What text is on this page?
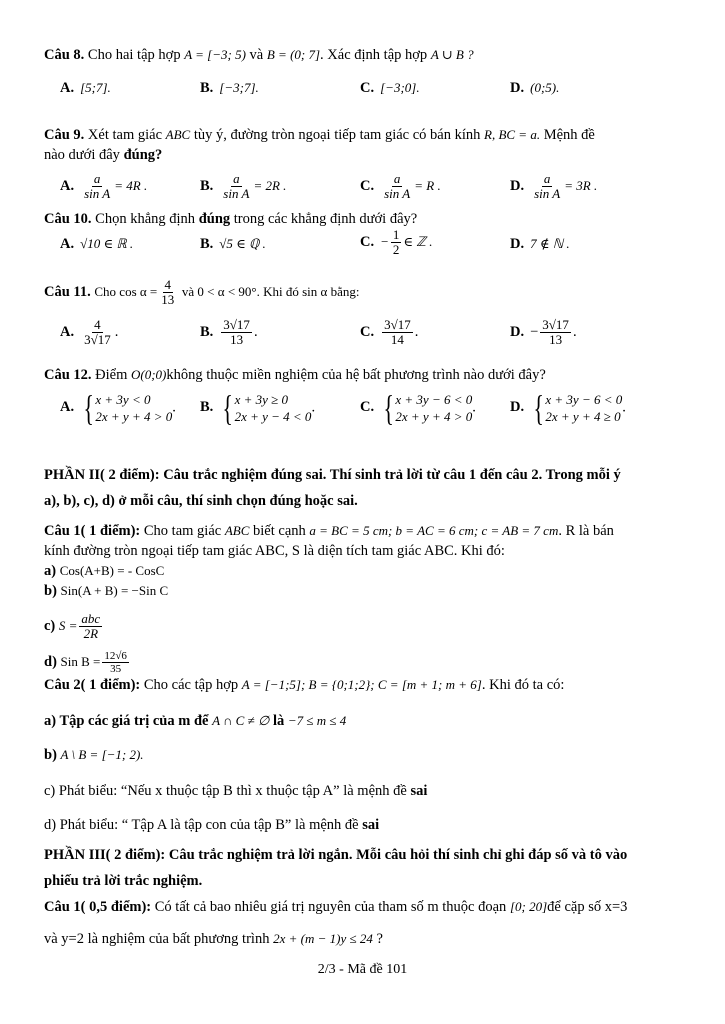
Câu 8. Cho hai tập hợp A = [−3; 5) và B = (0; 7]. Xác định tập hợp A ∪ B ?
A. [5;7].	B. [−3;7].	C. [−3;0].	D. (0;5).
Câu 9. Xét tam giác ABC tùy ý, đường tròn ngoại tiếp tam giác có bán kính R, BC = a. Mệnh đề
nào dưới đây đúng?
A. $\frac{a}{\text{sin A}} = 4R$ .	B. $\frac{a}{\text{sin A}} = 2R$ .	C. $\frac{a}{\text{sin A}} = R$ .	D. $\frac{a}{\text{sin A}} = 3R$ .
Câu 10. Chọn khẳng định đúng trong các khẳng định dưới đây?
A. √10 ∈ ℝ .	B. √5 ∈ ℚ .	C. − $\frac{1}{2}$ ∈ ℤ .	D. 7 ∉ ℕ .
Câu 11. Cho $\cos \alpha = \frac{4}{13}$ và 0 < α < 90°. Khi đó sin α bằng:
A. $\frac{4}{3√17}$ .	B. $\frac{3√17}{13}$ .	C. $\frac{3√17}{14}$ .	D. − $\frac{3√17}{13}$ .
Câu 12. Điểm O(0;0)không thuộc miền nghiệm của hệ bất phương trình nào dưới đây?
A. { x + 3y < 0
2x + y + 4 > 0
. B. { x + 3y ≥ 0
2x + y − 4 < 0
.	C. { x + 3y − 6 < 0
2x + y + 4 > 0
. D. { x + 3y − 6 < 0
2x + y + 4 ≥ 0
.
PHẦN II( 2 điểm): Câu trắc nghiệm đúng sai. Thí sinh trả lời từ câu 1 đến câu 2. Trong mỗi ý
a), b), c), d) ở mỗi câu, thí sinh chọn đúng hoặc sai.
Câu 1( 1 điểm): Cho tam giác ABC biết cạnh a = BC = 5 cm; b = AC = 6 cm; c = AB = 7 cm. R là bán
kính đường tròn ngoại tiếp tam giác ABC, S là diện tích tam giác ABC. Khi đó:
a) Cos(A+B) = - CosC
b) Sin(A + B) = −Sin C
c) $S = \frac{\text{abc}}{2R}$
d) Sin $B = \frac{12√6}{35}$
Câu 2( 1 điểm): Cho các tập hợp A = [−1;5]; B = {0;1;2}; C = [m + 1; m + 6]. Khi đó ta có:
a) Tập các giá trị của m để A ∩ C ≠ ∅ là −7 ≤ m ≤ 4
b) A \ B = [−1; 2).
c) Phát biểu: “Nếu x thuộc tập B thì x thuộc tập A” là mệnh đề sai
d) Phát biểu: “ Tập A là tập con của tập B” là mệnh đề sai
PHẦN III( 2 điểm): Câu trắc nghiệm trả lời ngắn. Mỗi câu hỏi thí sinh chỉ ghi đáp số và tô vào
phiếu trả lời trắc nghiệm.
Câu 1( 0,5 điểm): Có tất cả bao nhiêu giá trị nguyên của tham số m thuộc đoạn [0; 20]để cặp số x=3
và y=2 là nghiệm của bất phương trình 2x + (m − 1)y ≤ 24 ?
2/3 - Mã đề 101
